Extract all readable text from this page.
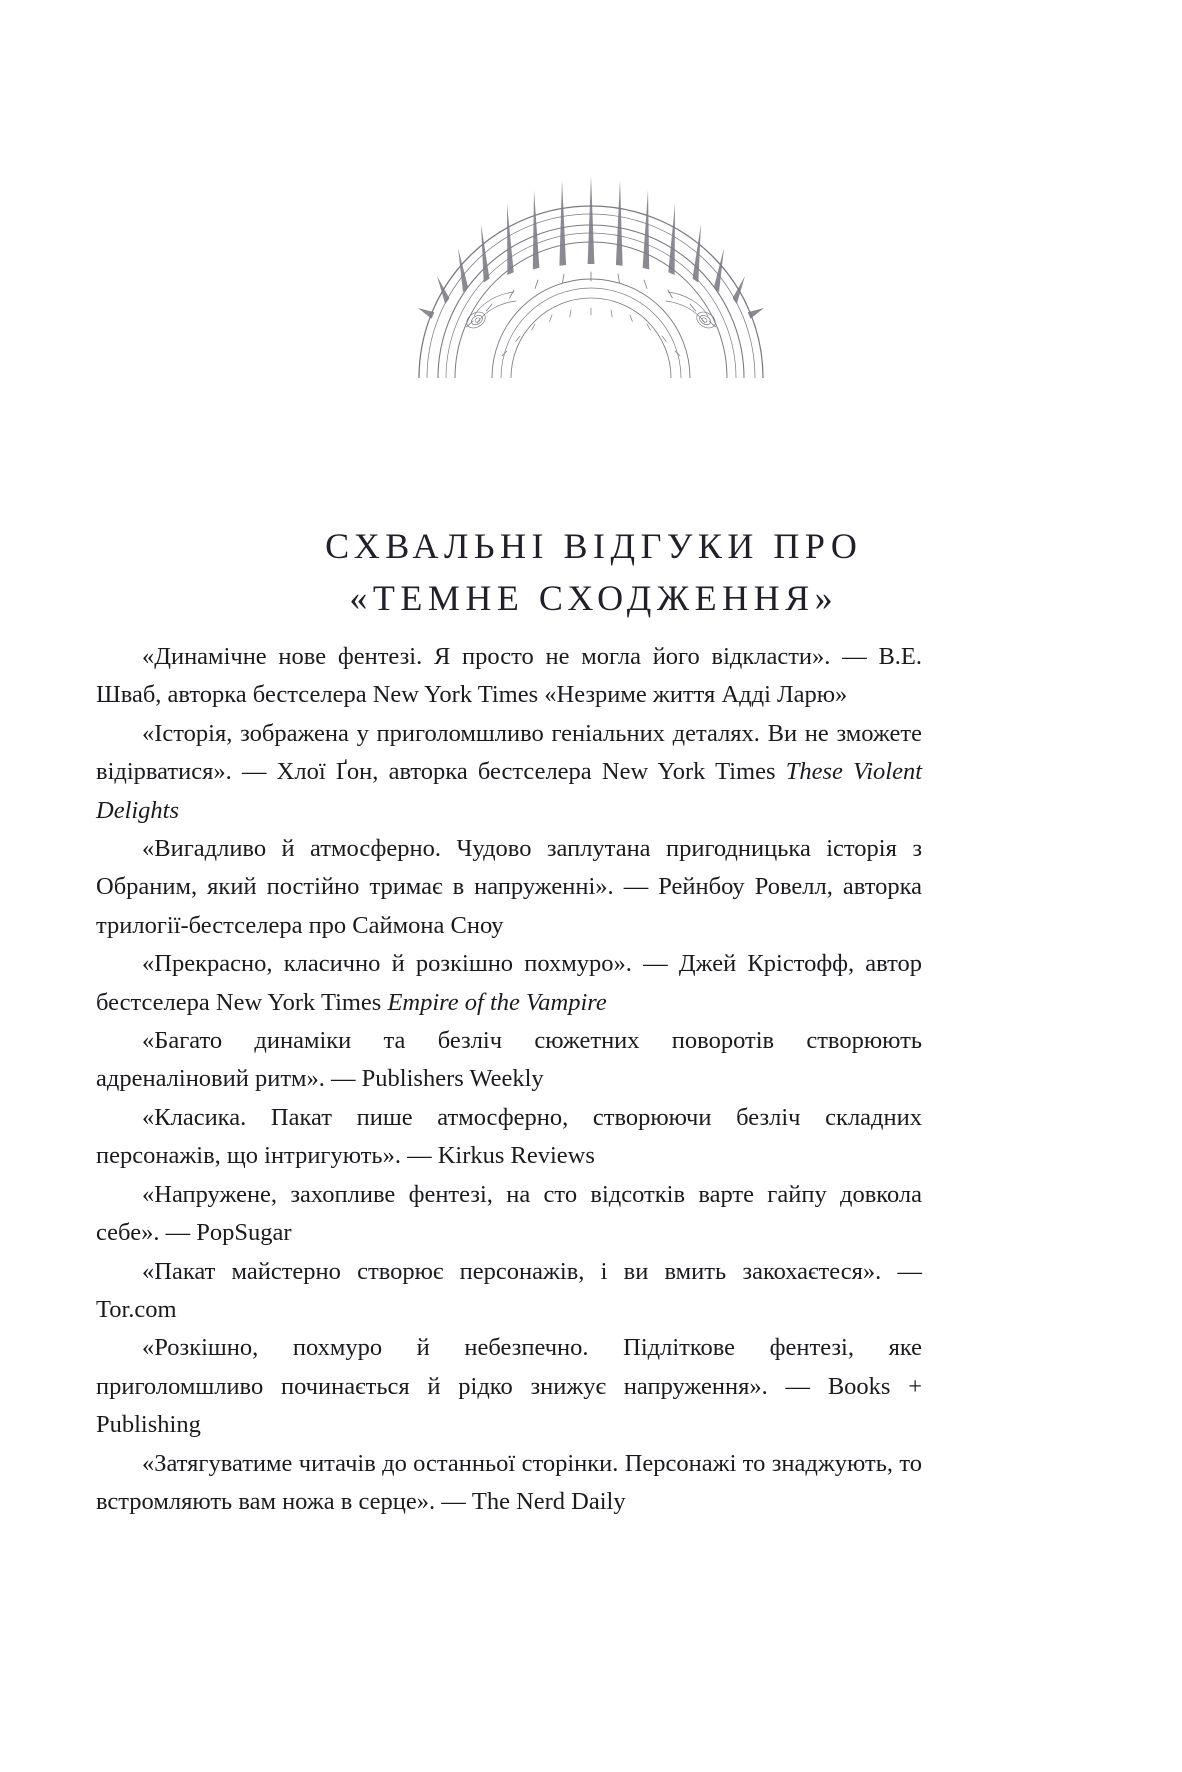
СХВАЛЬНІ ВІДГУКИ ПРО
«ТЕМНЕ СХОДЖЕННЯ»

«Динамічне нове фентезі. Я просто не могла його відкласти». — В.Е. Шваб, авторка бестселера New York Times «Незриме життя Адді Ларю»

«Історія, зображена у приголомшливо геніальних деталях. Ви не зможете відірватися». — Хлої Ґон, авторка бестселера New York Times These Violent Delights

«Вигадливо й атмосферно. Чудово заплутана пригодницька історія з Обраним, який постійно тримає в напруженні». — Рейнбоу Ровелл, авторка трилогії-бестселера про Саймона Сноу

«Прекрасно, класично й розкішно похмуро». — Джей Крістофф, автор бестселера New York Times Empire of the Vampire

«Багато динаміки та безліч сюжетних поворотів створюють адреналіновий ритм». — Publishers Weekly

«Класика. Пакат пише атмосферно, створюючи безліч складних персонажів, що інтригують». — Kirkus Reviews

«Напружене, захопливе фентезі, на сто відсотків варте гайпу довкола себе». — PopSugar

«Пакат майстерно створює персонажів, і ви вмить закохаєтеся». — Tor.com

«Розкішно, похмуро й небезпечно. Підліткове фентезі, яке приголомшливо починається й рідко знижує напруження». — Books + Publishing

«Затягуватиме читачів до останньої сторінки. Персонажі то знаджують, то встромляють вам ножа в серце». — The Nerd Daily
